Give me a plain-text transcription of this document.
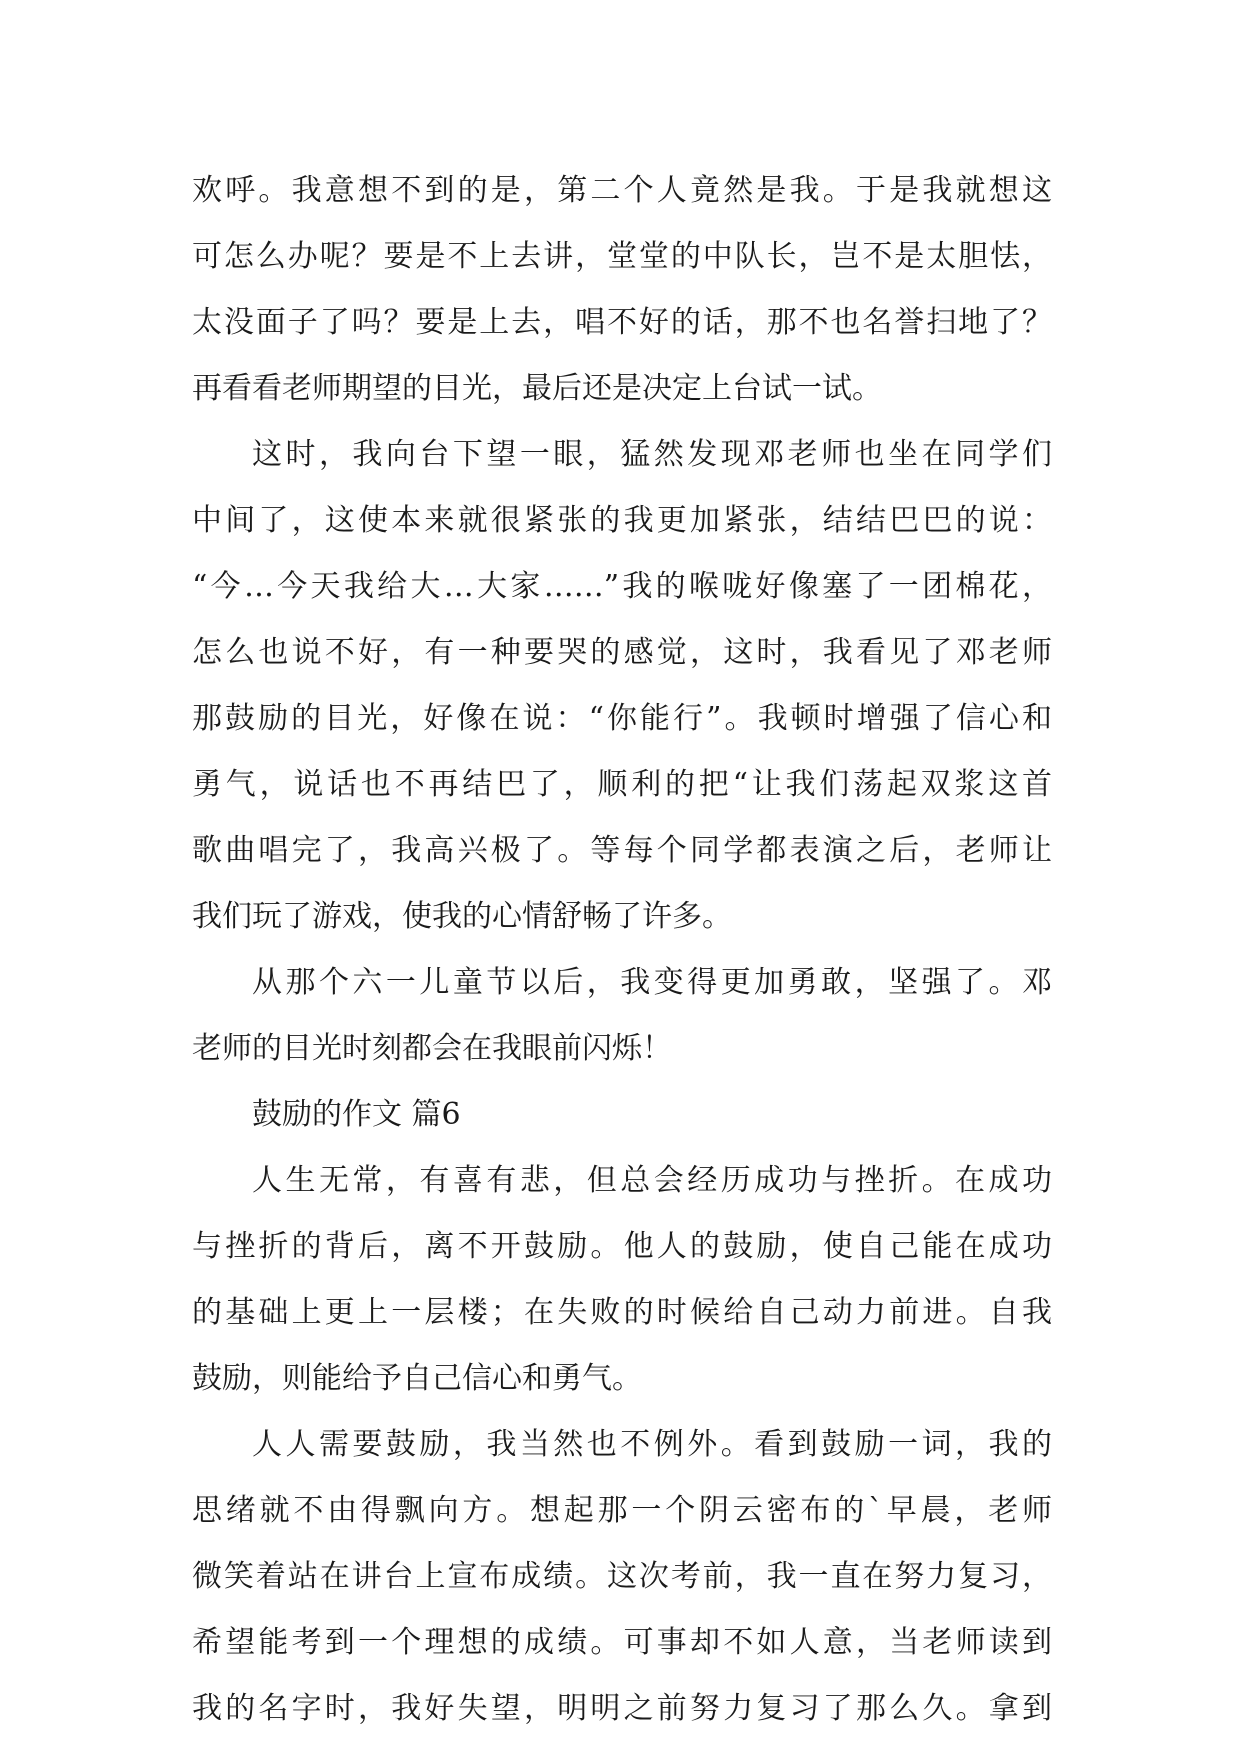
欢呼。我意想不到的是，第二个人竟然是我。于是我就想这
可怎么办呢？要是不上去讲，堂堂的中队长，岂不是太胆怯，
太没面子了吗？要是上去，唱不好的话，那不也名誉扫地了？
再看看老师期望的目光，最后还是决定上台试一试。
这时，我向台下望一眼，猛然发现邓老师也坐在同学们
中间了，这使本来就很紧张的我更加紧张，结结巴巴的说：
“今…今天我给大…大家……”我的喉咙好像塞了一团棉花，
怎么也说不好，有一种要哭的感觉，这时，我看见了邓老师
那鼓励的目光，好像在说：“你能行”。我顿时增强了信心和
勇气，说话也不再结巴了，顺利的把“让我们荡起双浆这首
歌曲唱完了，我高兴极了。等每个同学都表演之后，老师让
我们玩了游戏，使我的心情舒畅了许多。
从那个六一儿童节以后，我变得更加勇敢，坚强了。邓
老师的目光时刻都会在我眼前闪烁！
鼓励的作文 篇6
人生无常，有喜有悲，但总会经历成功与挫折。在成功
与挫折的背后，离不开鼓励。他人的鼓励，使自己能在成功
的基础上更上一层楼；在失败的时候给自己动力前进。自我
鼓励，则能给予自己信心和勇气。
人人需要鼓励，我当然也不例外。看到鼓励一词，我的
思绪就不由得飘向方。想起那一个阴云密布的`早晨，老师
微笑着站在讲台上宣布成绩。这次考前，我一直在努力复习，
希望能考到一个理想的成绩。可事却不如人意，当老师读到
我的名字时，我好失望，明明之前努力复习了那么久。拿到
